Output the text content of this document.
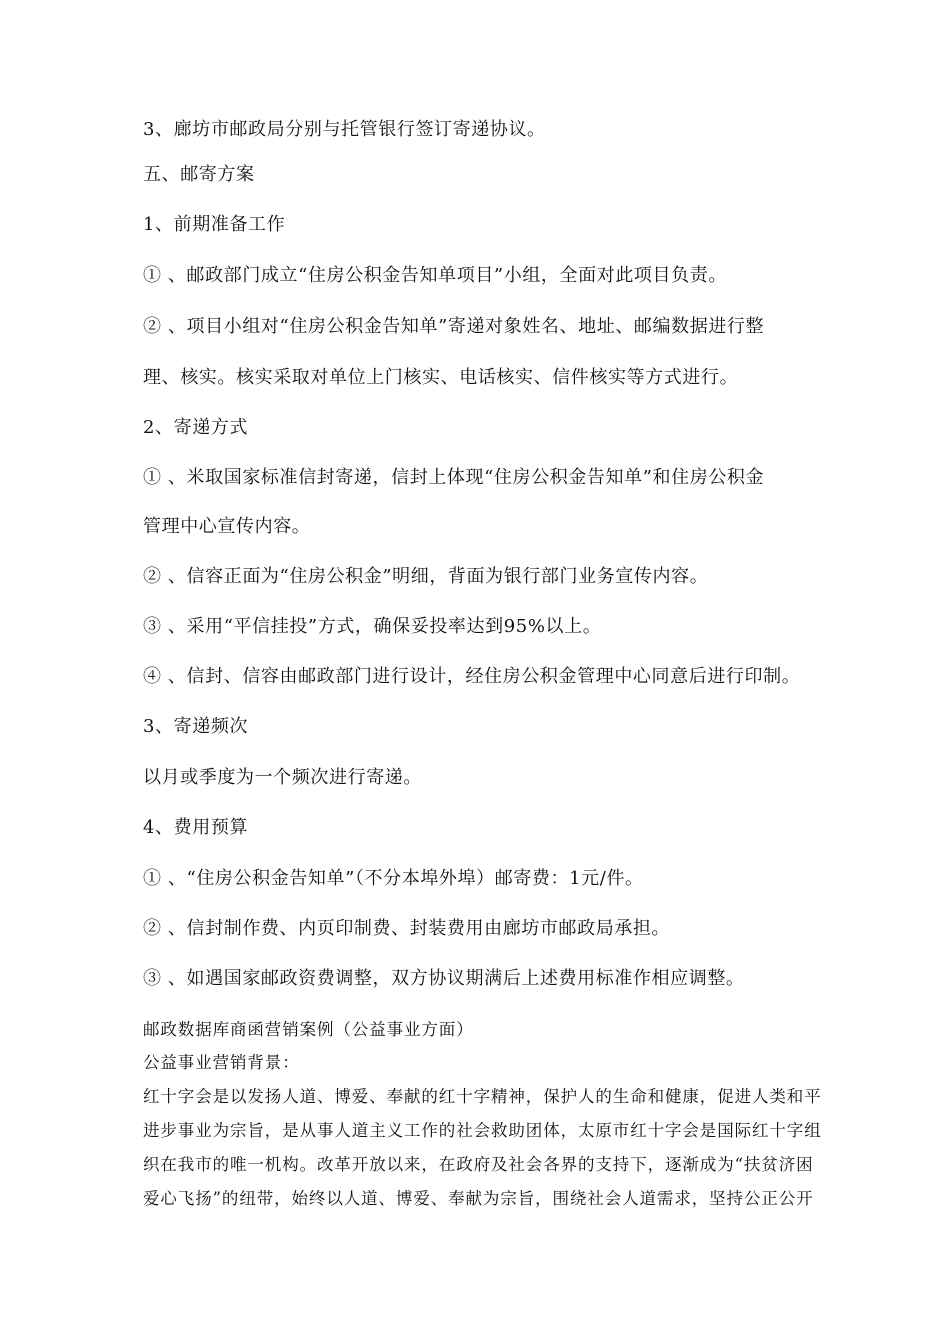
3、廊坊市邮政局分别与托管银行签订寄递协议。
五、邮寄方案
1、前期准备工作
① 、邮政部门成立“住房公积金告知单项目”小组，全面对此项目负责。
② 、项目小组对“住房公积金告知单”寄递对象姓名、地址、邮编数据进行整
理、核实。核实采取对单位上门核实、电话核实、信件核实等方式进行。
2、寄递方式
① 、米取国家标准信封寄递，信封上体现“住房公积金告知单”和住房公积金
管理中心宣传内容。
② 、信容正面为“住房公积金”明细，背面为银行部门业务宣传内容。
③ 、采用“平信挂投”方式，确保妥投率达到95%以上。
④ 、信封、信容由邮政部门进行设计，经住房公积金管理中心同意后进行印制。
3、寄递频次
以月或季度为一个频次进行寄递。
4、费用预算
① 、“住房公积金告知单”（不分本埠外埠）邮寄费：1元/件。
② 、信封制作费、内页印制费、封装费用由廊坊市邮政局承担。
③ 、如遇国家邮政资费调整，双方协议期满后上述费用标准作相应调整。
邮政数据库商函营销案例（公益事业方面）
公益事业营销背景：
红十字会是以发扬人道、博爱、奉献的红十字精神，保护人的生命和健康，促进人类和平
进步事业为宗旨，是从事人道主义工作的社会救助团体，太原市红十字会是国际红十字组
织在我市的唯一机构。改革开放以来，在政府及社会各界的支持下，逐渐成为“扶贫济困
爱心飞扬”的纽带，始终以人道、博爱、奉献为宗旨，围绕社会人道需求，坚持公正公开
